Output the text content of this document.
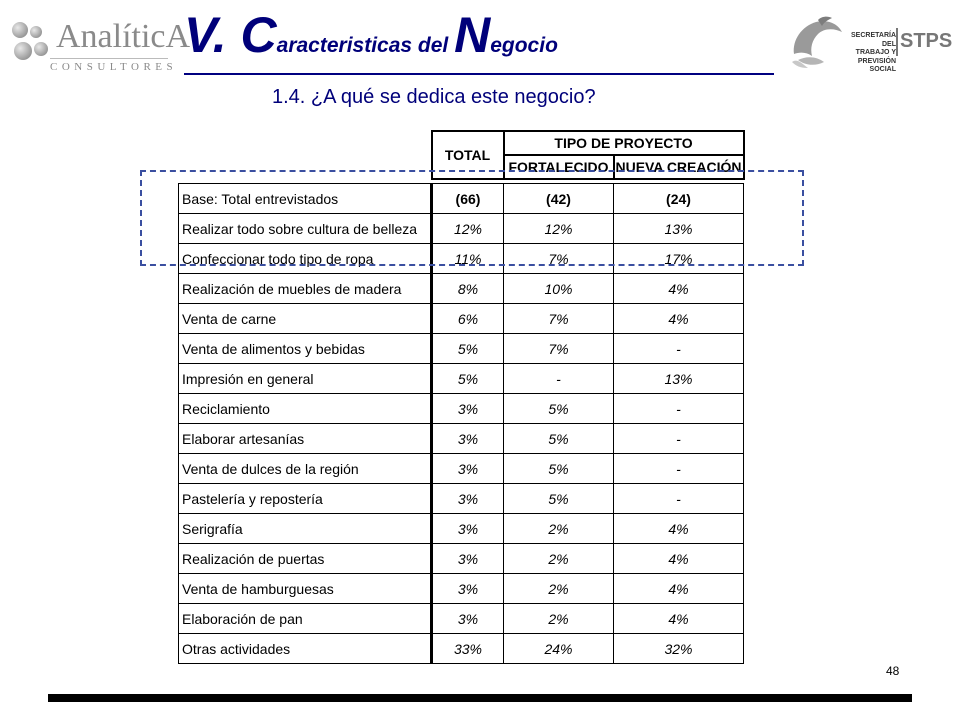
AnalíticA
CONSULTORES
V. Caracteristicas del Negocio
1.4. ¿A qué se dedica este negocio?
SECRETARÍA DEL
TRABAJO Y
PREVISIÓN SOCIAL
STPS
	TOTAL	TIPO DE PROYECTO	
		FORTALECIDO	NUEVA CREACIÓN

Base: Total entrevistados	(66)	(42)	(24)
Realizar todo sobre cultura de belleza	12%	12%	13%
Confeccionar todo tipo de ropa	11%	7%	17%
Realización de muebles de madera	8%	10%	4%
Venta de carne	6%	7%	4%
Venta de alimentos y bebidas	5%	7%	-
Impresión en general	5%	-	13%
Reciclamiento	3%	5%	-
Elaborar artesanías	3%	5%	-
Venta de dulces de la región	3%	5%	-
Pastelería y repostería	3%	5%	-
Serigrafía	3%	2%	4%
Realización de puertas	3%	2%	4%
Venta de hamburguesas	3%	2%	4%
Elaboración de pan	3%	2%	4%
Otras actividades	33%	24%	32%
48
